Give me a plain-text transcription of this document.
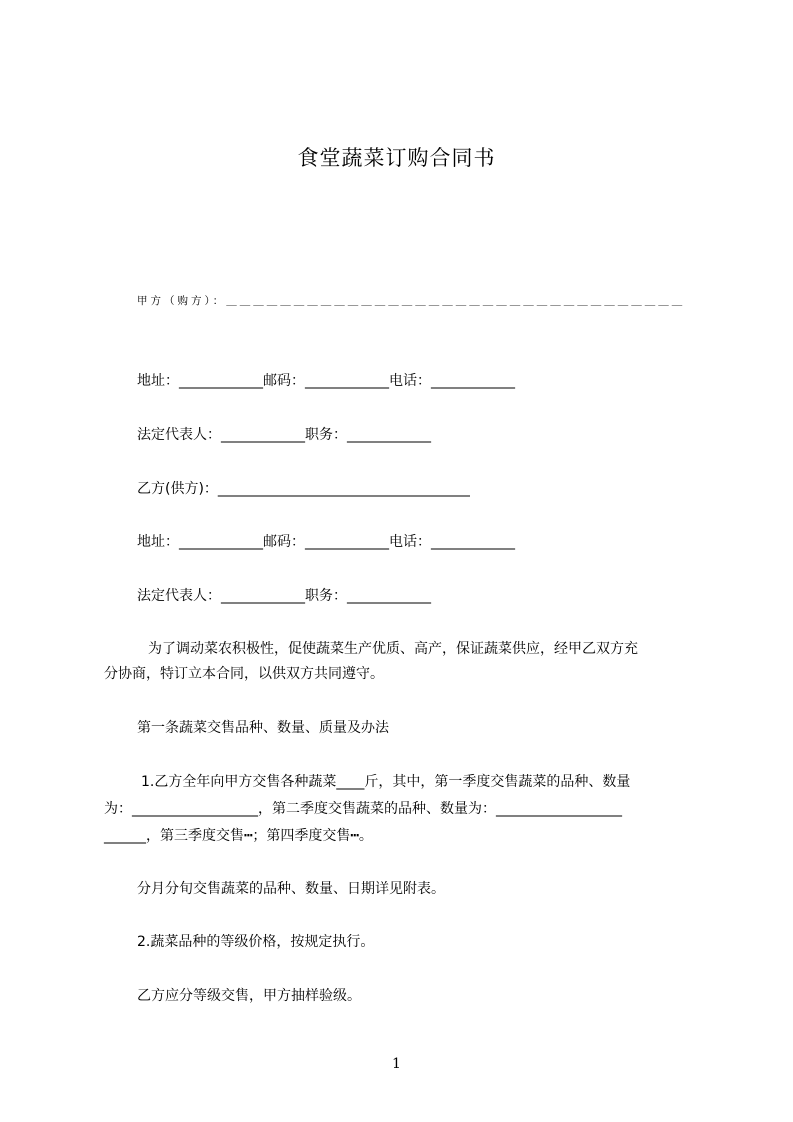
食堂蔬菜订购合同书
甲方（购方）：＿＿＿＿＿＿＿＿＿＿＿＿＿＿＿＿＿＿＿＿＿＿＿＿＿＿＿＿＿＿＿＿＿＿
地址：____________邮码：____________电话：____________
法定代表人：____________职务：____________
乙方(供方)：____________________________________
地址：____________邮码：____________电话：____________
法定代表人：____________职务：____________
为了调动菜农积极性，促使蔬菜生产优质、高产，保证蔬菜供应，经甲乙双方充
分协商，特订立本合同，以供双方共同遵守。
第一条蔬菜交售品种、数量、质量及办法
1.乙方全年向甲方交售各种蔬菜____斤，其中，第一季度交售蔬菜的品种、数量
为：__________________，第二季度交售蔬菜的品种、数量为：__________________
______，第三季度交售┅；第四季度交售┅。
分月分旬交售蔬菜的品种、数量、日期详见附表。
2.蔬菜品种的等级价格，按规定执行。
乙方应分等级交售，甲方抽样验级。
1
